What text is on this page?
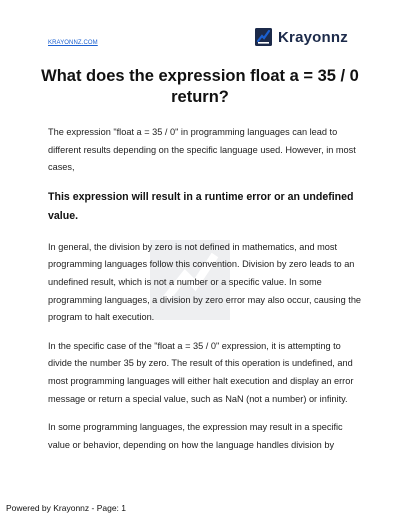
KRAYONNZ.COM	Krayonnz
What does the expression float a = 35 / 0 return?

The expression "float a = 35 / 0" in programming languages can lead to different results depending on the specific language used. However, in most cases,

This expression will result in a runtime error or an undefined value.

In general, the division by zero is not defined in mathematics, and most programming languages follow this convention. Division by zero leads to an undefined result, which is not a number or a specific value. In some programming languages, a division by zero error may also occur, causing the program to halt execution.

In the specific case of the "float a = 35 / 0" expression, it is attempting to divide the number 35 by zero. The result of this operation is undefined, and most programming languages will either halt execution and display an error message or return a special value, such as NaN (not a number) or infinity.

In some programming languages, the expression may result in a specific value or behavior, depending on how the language handles division by

Powered by Krayonnz - Page: 1
